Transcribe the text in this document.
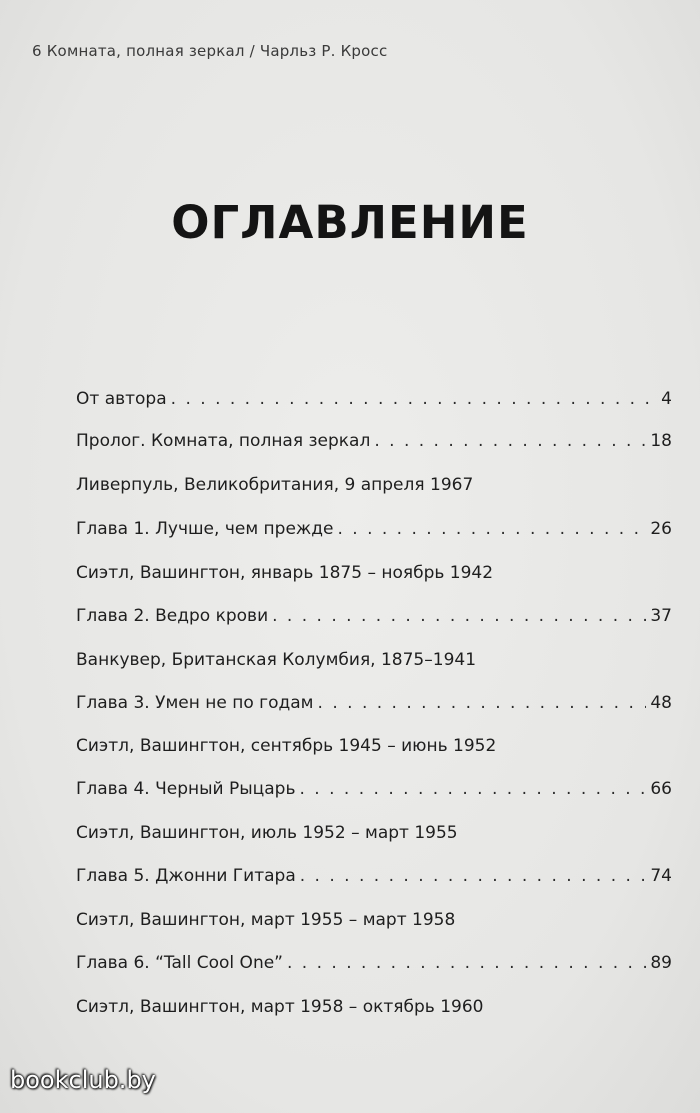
6 Комната, полная зеркал / Чарльз Р. Кросс
ОГЛАВЛЕНИЕ
От автора . . .	4
Пролог. Комната, полная зеркал . . .	18
Ливерпуль, Великобритания, 9 апреля 1967
Глава 1. Лучше, чем прежде . . .	26
Сиэтл, Вашингтон, январь 1875 – ноябрь 1942
Глава 2. Ведро крови . . .	37
Ванкувер, Британская Колумбия, 1875–1941
Глава 3. Умен не по годам . . .	48
Сиэтл, Вашингтон, сентябрь 1945 – июнь 1952
Глава 4. Черный Рыцарь . . .	66
Сиэтл, Вашингтон, июль 1952 – март 1955
Глава 5. Джонни Гитара . . .	74
Сиэтл, Вашингтон, март 1955 – март 1958
Глава 6. “Tall Cool One” . . .	89
Сиэтл, Вашингтон, март 1958 – октябрь 1960
bookclub.by
